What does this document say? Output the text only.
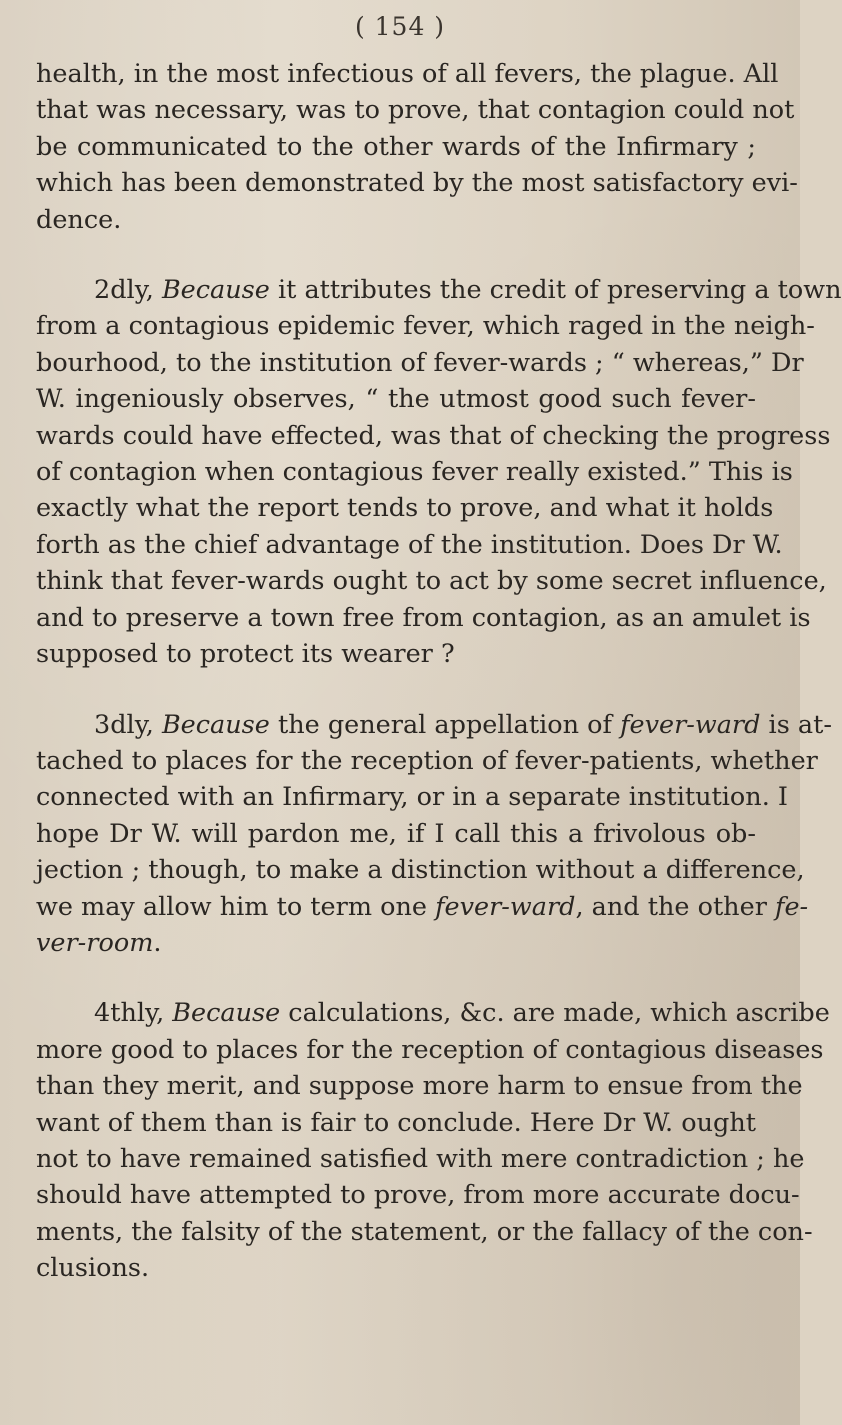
( 154 )
health, in the most infectious of all fevers, the plague. All
that was necessary, was to prove, that contagion could not
be communicated to the other wards of the Infirmary ;
which has been demonstrated by the most satisfactory evi-
dence.
2dly, Because it attributes the credit of preserving a town
from a contagious epidemic fever, which raged in the neigh-
bourhood, to the institution of fever-wards ; “ whereas,” Dr
W. ingeniously observes, “ the utmost good such fever-
wards could have effected, was that of checking the progress
of contagion when contagious fever really existed.” This is
exactly what the report tends to prove, and what it holds
forth as the chief advantage of the institution. Does Dr W.
think that fever-wards ought to act by some secret influence,
and to preserve a town free from contagion, as an amulet is
supposed to protect its wearer ?
3dly, Because the general appellation of fever-ward is at-
tached to places for the reception of fever-patients, whether
connected with an Infirmary, or in a separate institution. I
hope Dr W. will pardon me, if I call this a frivolous ob-
jection ; though, to make a distinction without a difference,
we may allow him to term one fever-ward, and the other fe-
ver-room.
4thly, Because calculations, &c. are made, which ascribe
more good to places for the reception of contagious diseases
than they merit, and suppose more harm to ensue from the
want of them than is fair to conclude. Here Dr W. ought
not to have remained satisfied with mere contradiction ; he
should have attempted to prove, from more accurate docu-
ments, the falsity of the statement, or the fallacy of the con-
clusions.
